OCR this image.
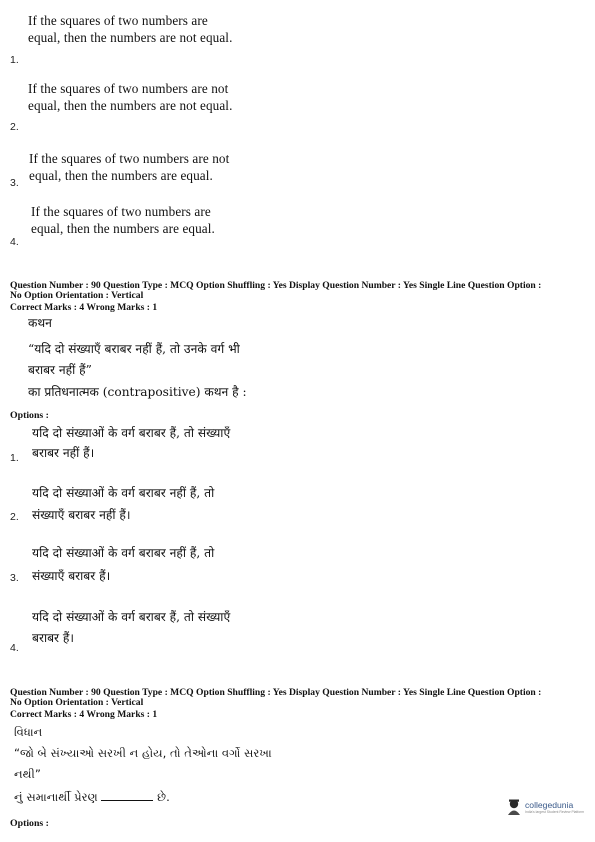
If the squares of two numbers are equal, then the numbers are not equal.
1.
If the squares of two numbers are not equal, then the numbers are not equal.
2.
If the squares of two numbers are not equal, then the numbers are equal.
3.
If the squares of two numbers are equal, then the numbers are equal.
4.
Question Number : 90 Question Type : MCQ Option Shuffling : Yes Display Question Number : Yes Single Line Question Option :
No Option Orientation : Vertical
Correct Marks : 4 Wrong Marks : 1
कथन
“यदि दो संख्याएँ बराबर नहीं हैं, तो उनके वर्ग भी
बराबर नहीं हैं”
का प्रतिधनात्मक (contrapositive) कथन है :
Options :
यदि दो संख्याओं के वर्ग बराबर हैं, तो संख्याएँ
बराबर नहीं हैं।
1.
यदि दो संख्याओं के वर्ग बराबर नहीं हैं, तो
संख्याएँ बराबर नहीं हैं।
2.
यदि दो संख्याओं के वर्ग बराबर नहीं हैं, तो
संख्याएँ बराबर हैं।
3.
यदि दो संख्याओं के वर्ग बराबर हैं, तो संख्याएँ
बराबर हैं।
4.
Question Number : 90 Question Type : MCQ Option Shuffling : Yes Display Question Number : Yes Single Line Question Option :
No Option Orientation : Vertical
Correct Marks : 4 Wrong Marks : 1
વિધાન
“જો બે સંખ્યાઓ સરખી ન હોય, તો તેઓના વર્ગો સરખા
નથી”
નું સમાનાર્થી પ્રેરણ	છે.
Options :
collegedunia
India's largest Student Review Platform
